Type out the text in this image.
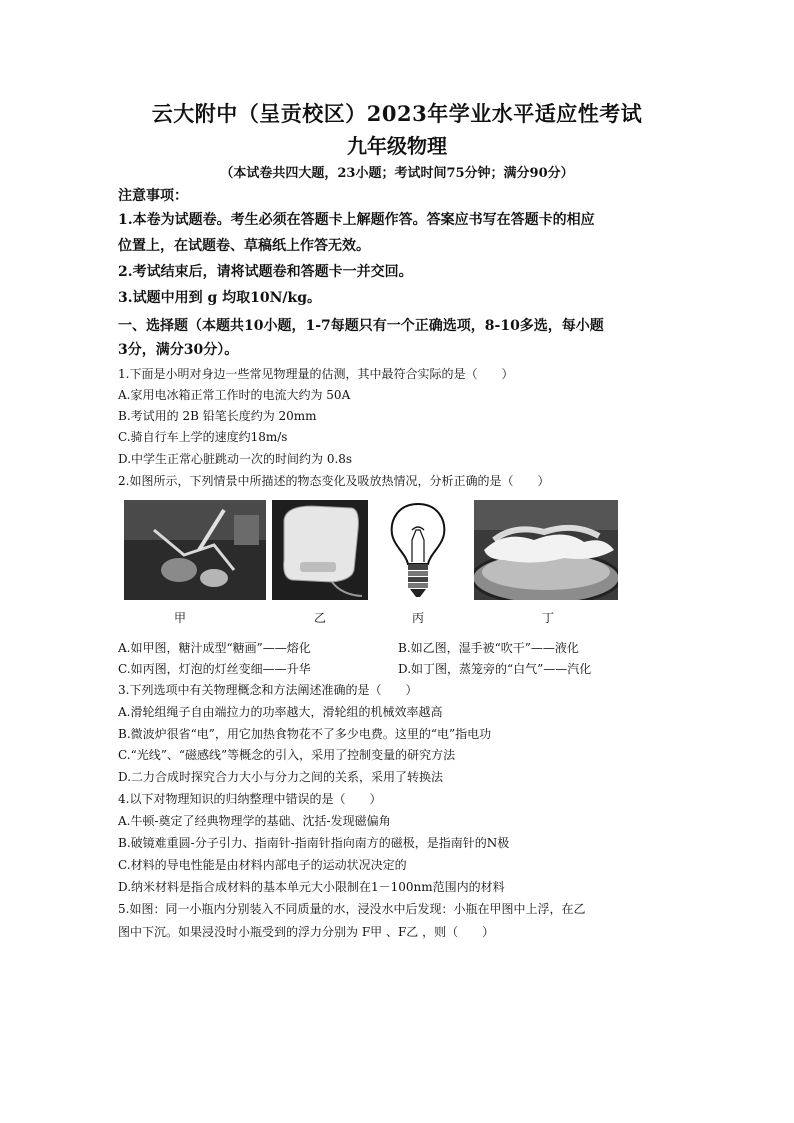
云大附中（呈贡校区）2023年学业水平适应性考试
九年级物理
（本试卷共四大题，23小题；考试时间75分钟；满分90分）
注意事项：
1.本卷为试题卷。考生必须在答题卡上解题作答。答案应书写在答题卡的相应
位置上，在试题卷、草稿纸上作答无效。
2.考试结束后，请将试题卷和答题卡一并交回。
3.试题中用到 g 均取10N/kg。
一、选择题（本题共10小题，1-7每题只有一个正确选项，8-10多选，每小题
3分，满分30分）。
1.下面是小明对身边一些常见物理量的估测，其中最符合实际的是（　　）
A.家用电冰箱正常工作时的电流大约为 50A
B.考试用的 2B 铅笔长度约为 20mm
C.骑自行车上学的速度约18m/s
D.中学生正常心脏跳动一次的时间约为 0.8s
2.如图所示，下列情景中所描述的物态变化及吸放热情况，分析正确的是（　　）
甲	乙	丙	丁
A.如甲图，糖汁成型“糖画”——熔化	B.如乙图，湿手被“吹干”——液化
C.如丙图，灯泡的灯丝变细——升华	D.如丁图，蒸笼旁的“白气”——汽化
3.下列选项中有关物理概念和方法阐述准确的是（　　）
A.滑轮组绳子自由端拉力的功率越大，滑轮组的机械效率越高
B.微波炉很省“电”，用它加热食物花不了多少电费。这里的“电”指电功
C.“光线”、“磁感线”等概念的引入，采用了控制变量的研究方法
D.二力合成时探究合力大小与分力之间的关系，采用了转换法
4.以下对物理知识的归纳整理中错误的是（　　）
A.牛顿-奠定了经典物理学的基础、沈括-发现磁偏角
B.破镜难重圆-分子引力、指南针-指南针指向南方的磁极，是指南针的N极
C.材料的导电性能是由材料内部电子的运动状况决定的
D.纳米材料是指合成材料的基本单元大小限制在1－100nm范围内的材料
5.如图：同一小瓶内分别装入不同质量的水，浸没水中后发现：小瓶在甲图中上浮，在乙
图中下沉。如果浸没时小瓶受到的浮力分别为 F甲 、F乙 ，则（　　）
